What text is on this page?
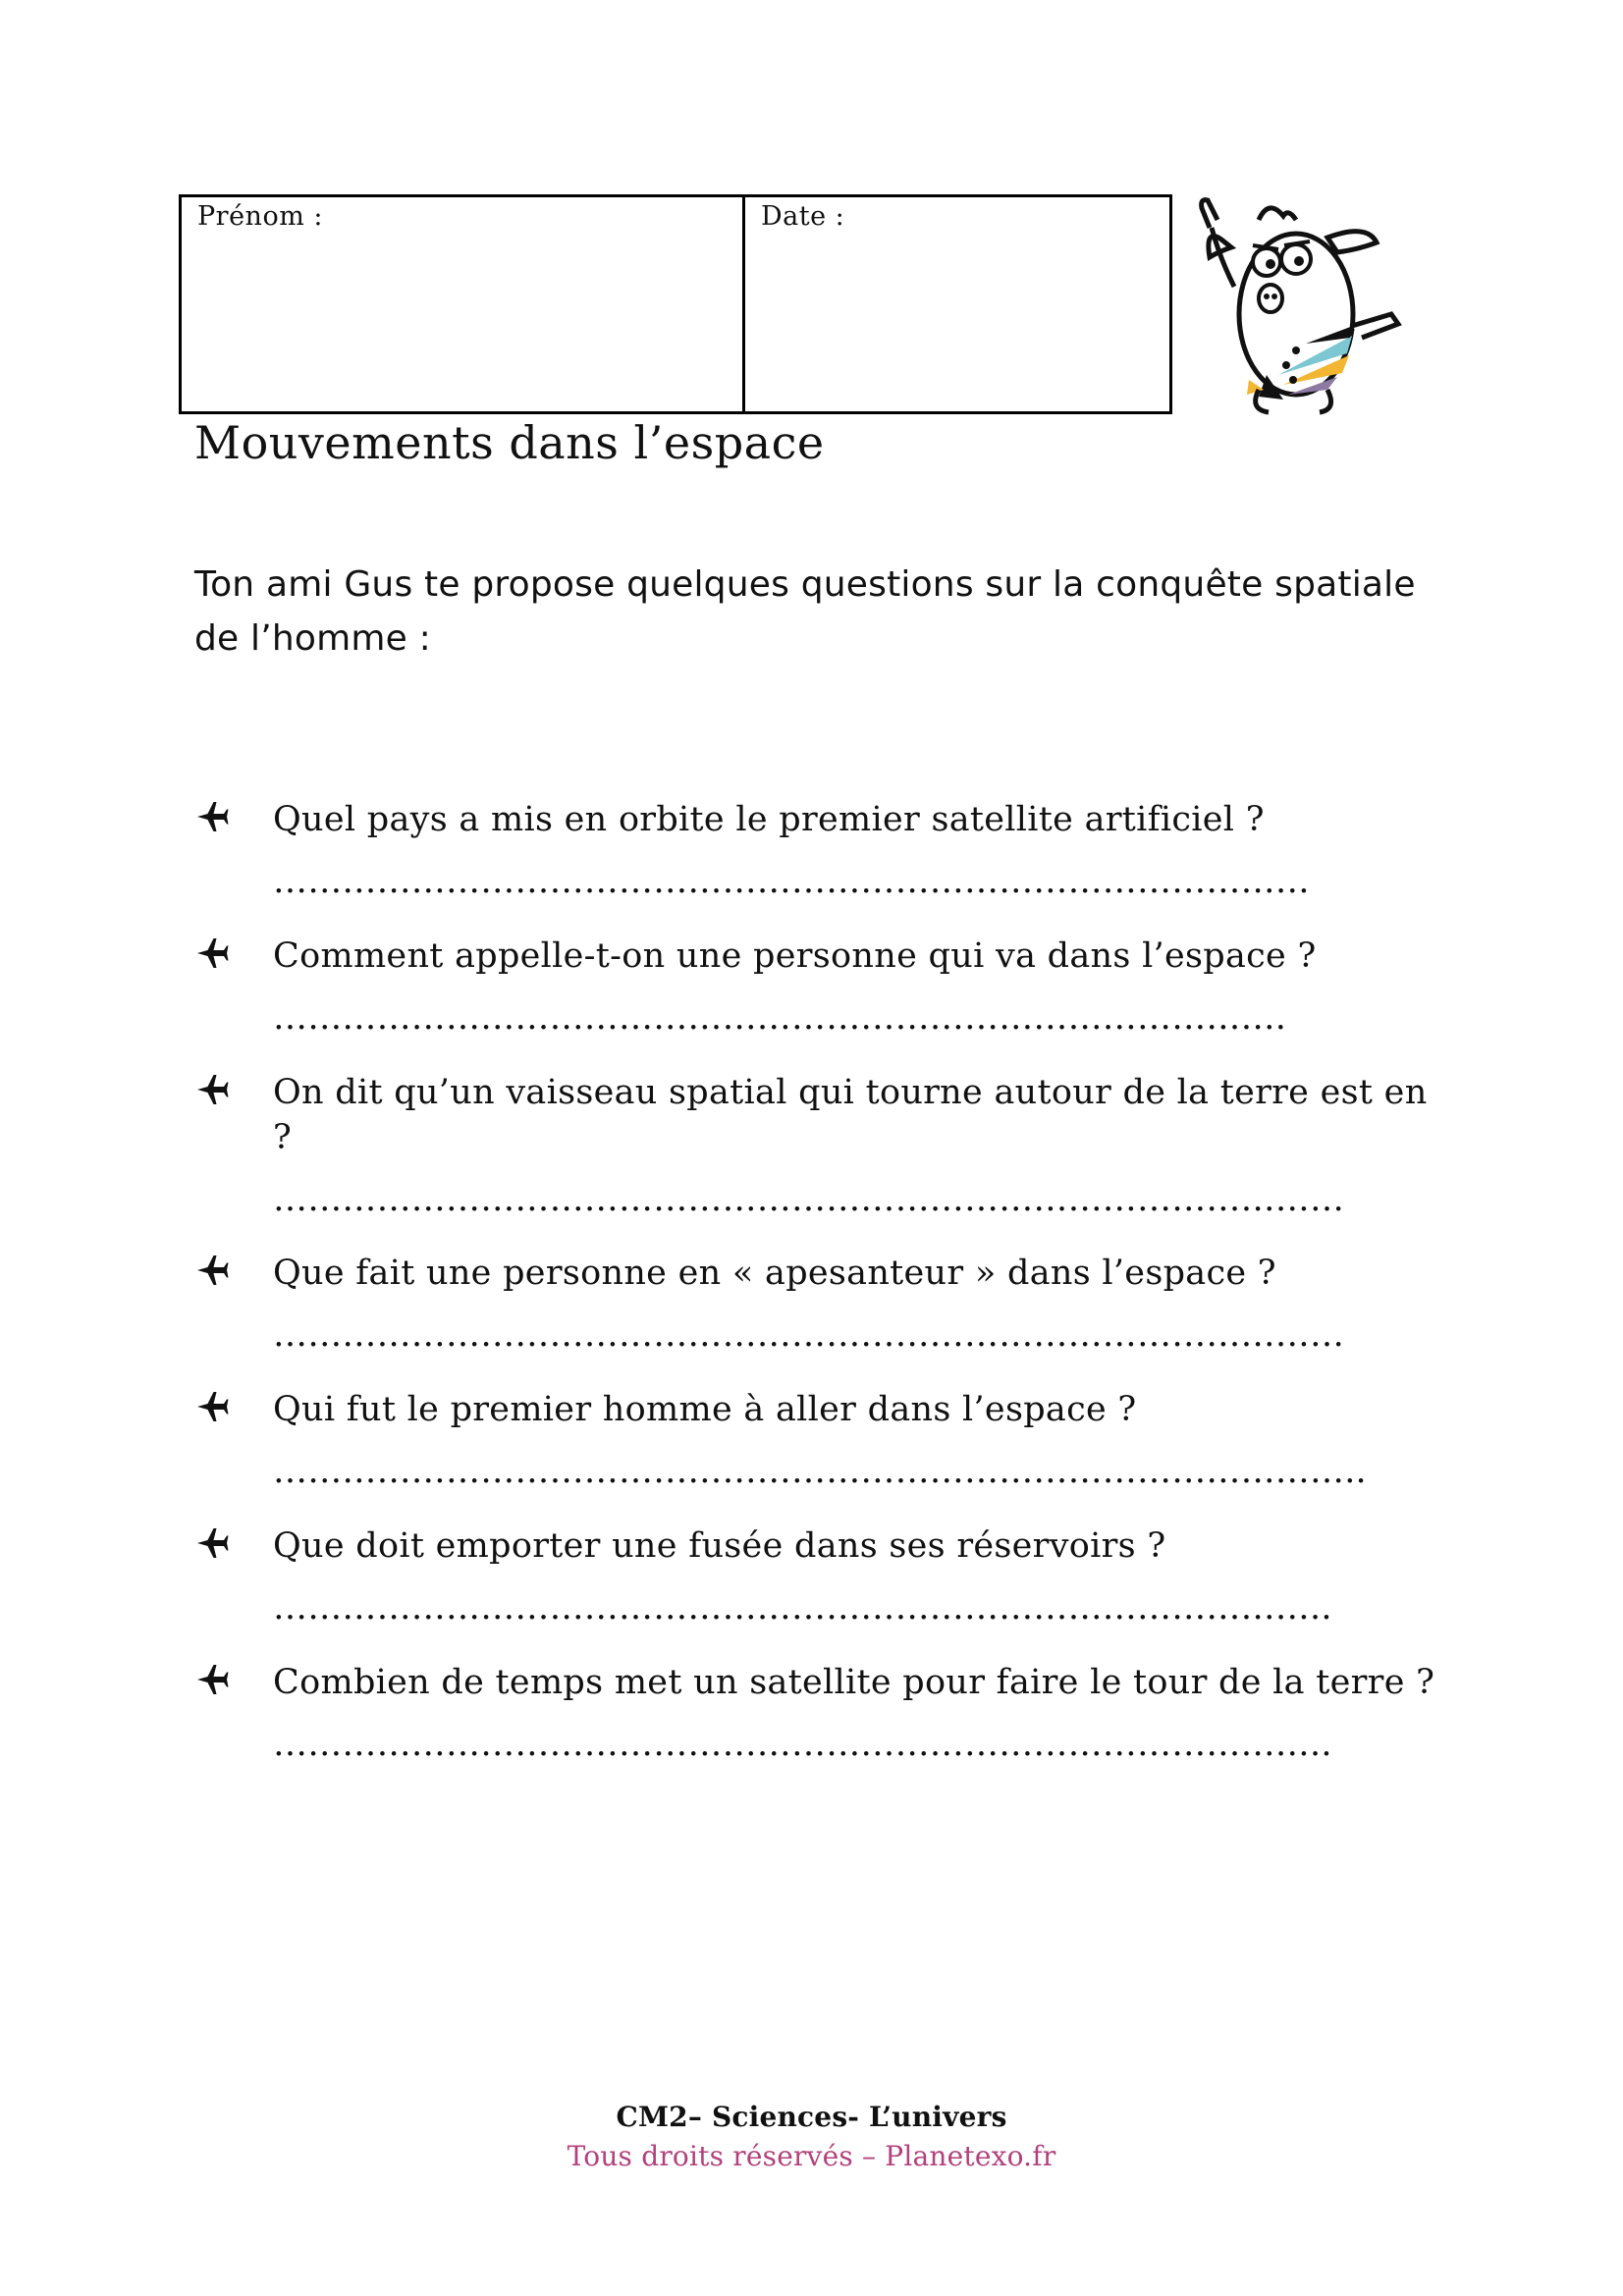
Prénom :	Date :
Mouvements dans l’espace
Ton ami Gus te propose quelques questions sur la conquête spatiale de l’homme :
Quel pays a mis en orbite le premier satellite artificiel ?
………………………………………………………………………………
Comment appelle-t-on une personne qui va dans l’espace ?
…………………………………………………………………………….
On dit qu’un vaisseau spatial qui tourne autour de la terre est en ?
…………………………………………………………………………………
Que fait une personne en « apesanteur » dans l’espace ?
…………………………………………………………………………………
Qui fut le premier homme à aller dans l’espace ?
…………………………………………………………………………………..
Que doit emporter une fusée dans ses réservoirs ?
………………………………………………………………………………..
Combien de temps met un satellite pour faire le tour de la terre ?
………………………………………………………………………………..
CM2– Sciences- L’univers
Tous droits réservés – Planetexo.fr
